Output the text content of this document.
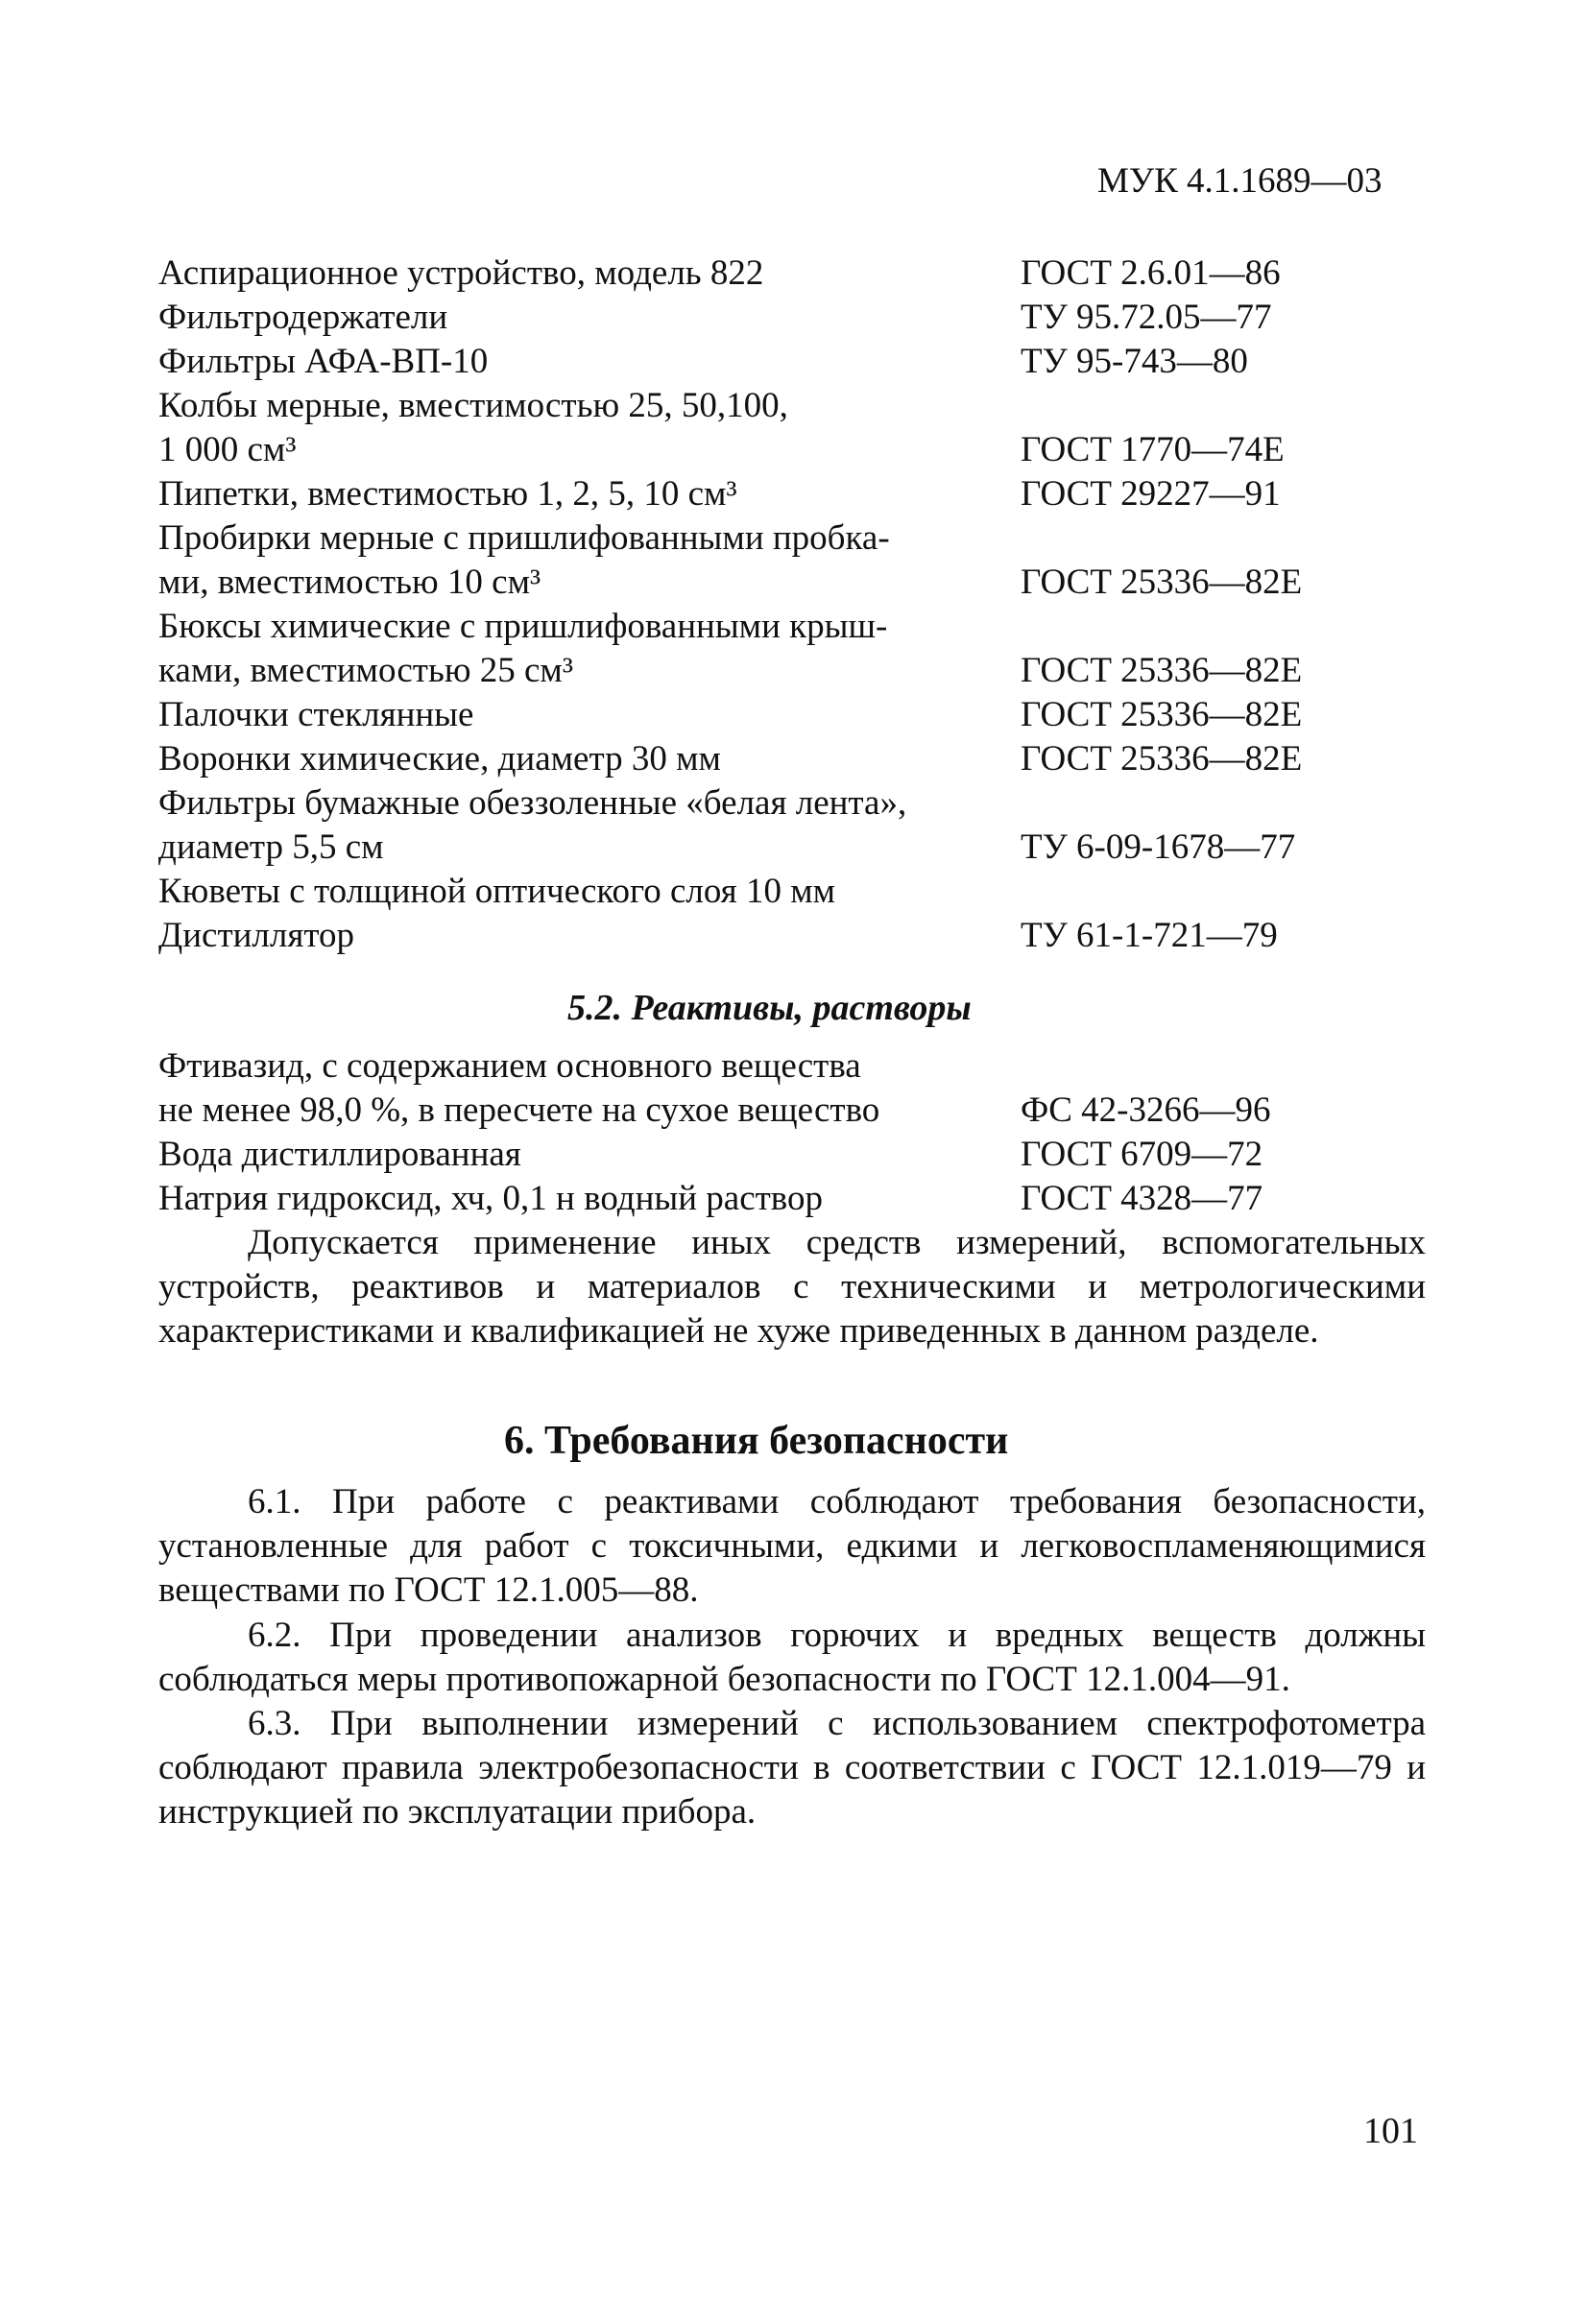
МУК 4.1.1689—03
Аспирационное устройство, модель 822
Фильтродержатели
Фильтры АФА-ВП-10
Колбы мерные, вместимостью 25, 50,100,
1 000 см³
Пипетки, вместимостью 1, 2, 5, 10 см³
Пробирки мерные с пришлифованными пробка-
ми, вместимостью 10 см³
Бюксы химические с пришлифованными крыш-
ками, вместимостью 25 см³
Палочки стеклянные
Воронки химические, диаметр 30 мм
Фильтры бумажные обеззоленные «белая лента»,
диаметр 5,5 см
Кюветы с толщиной оптического слоя 10 мм
Дистиллятор
ГОСТ 2.6.01—86
ТУ 95.72.05—77
ТУ 95-743—80
ГОСТ 1770—74Е
ГОСТ 29227—91
ГОСТ 25336—82Е
ГОСТ 25336—82Е
ГОСТ 25336—82Е
ГОСТ 25336—82Е
ТУ 6-09-1678—77
ТУ 61-1-721—79
5.2. Реактивы, растворы
Фтивазид, с содержанием основного вещества
не менее 98,0 %, в пересчете на сухое вещество
Вода дистиллированная
Натрия гидроксид, хч, 0,1 н водный раствор
ФС 42-3266—96
ГОСТ 6709—72
ГОСТ 4328—77
Допускается применение иных средств измерений, вспомогательных устройств, реактивов и материалов с техническими и метрологическими характеристиками и квалификацией не хуже приведенных в данном разделе.
6. Требования безопасности
6.1. При работе с реактивами соблюдают требования безопасности, установленные для работ с токсичными, едкими и легковоспламеняющимися веществами по ГОСТ 12.1.005—88.
6.2. При проведении анализов горючих и вредных веществ должны соблюдаться меры противопожарной безопасности по ГОСТ 12.1.004—91.
6.3. При выполнении измерений с использованием спектрофотометра соблюдают правила электробезопасности в соответствии с ГОСТ 12.1.019—79 и инструкцией по эксплуатации прибора.
101
